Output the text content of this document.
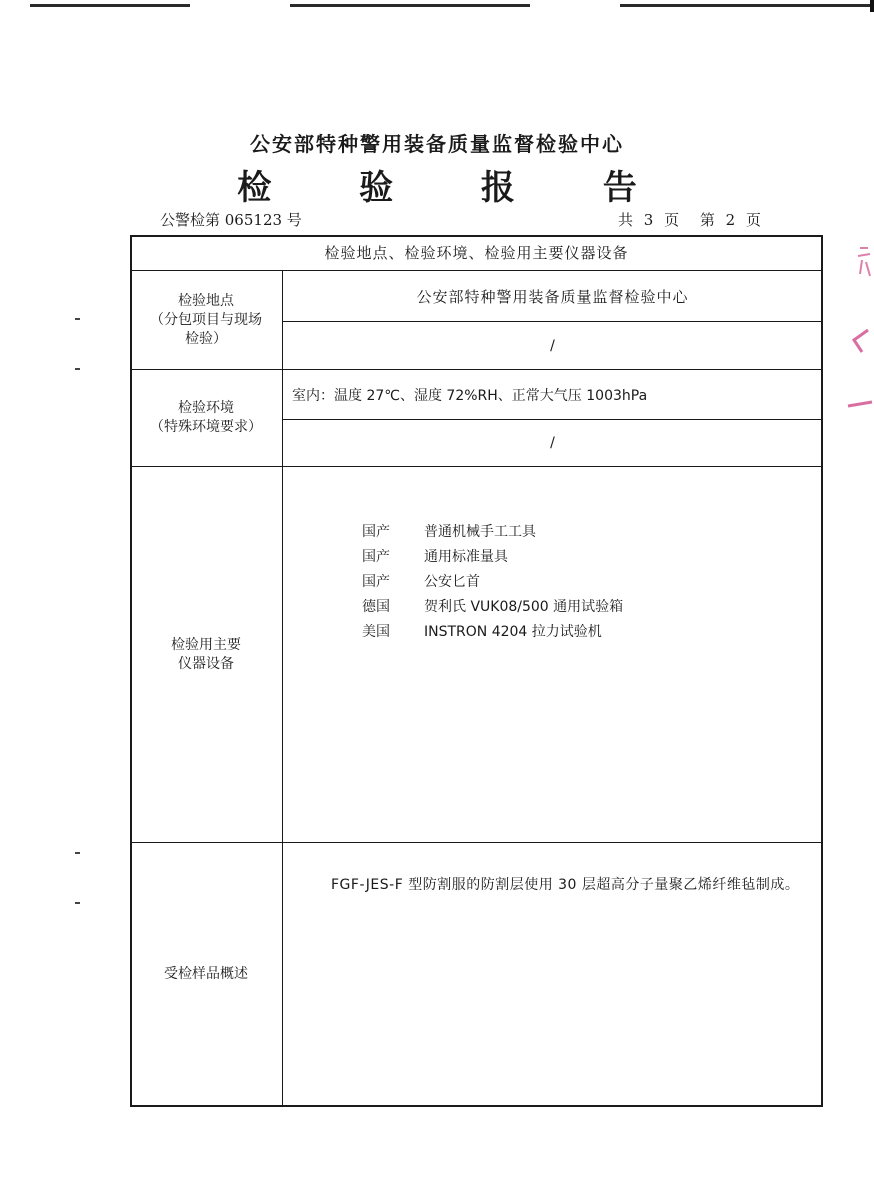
公安部特种警用装备质量监督检验中心
检 验 报 告
公警检第 065123 号	共 3 页 第 2 页
检验地点、检验环境、检验用主要仪器设备
检验地点
（分包项目与现场
检验）
公安部特种警用装备质量监督检验中心
/
检验环境
（特殊环境要求）
室内：温度 27℃、湿度 72%RH、正常大气压 1003hPa
/
检验用主要
仪器设备
国产 普通机械手工工具
国产 通用标准量具
国产 公安匕首
德国 贺利氏 VUK08/500 通用试验箱
美国 INSTRON 4204 拉力试验机
受检样品概述
FGF-JES-F 型防割服的防割层使用 30 层超高分子量聚乙烯纤维毡制成。
